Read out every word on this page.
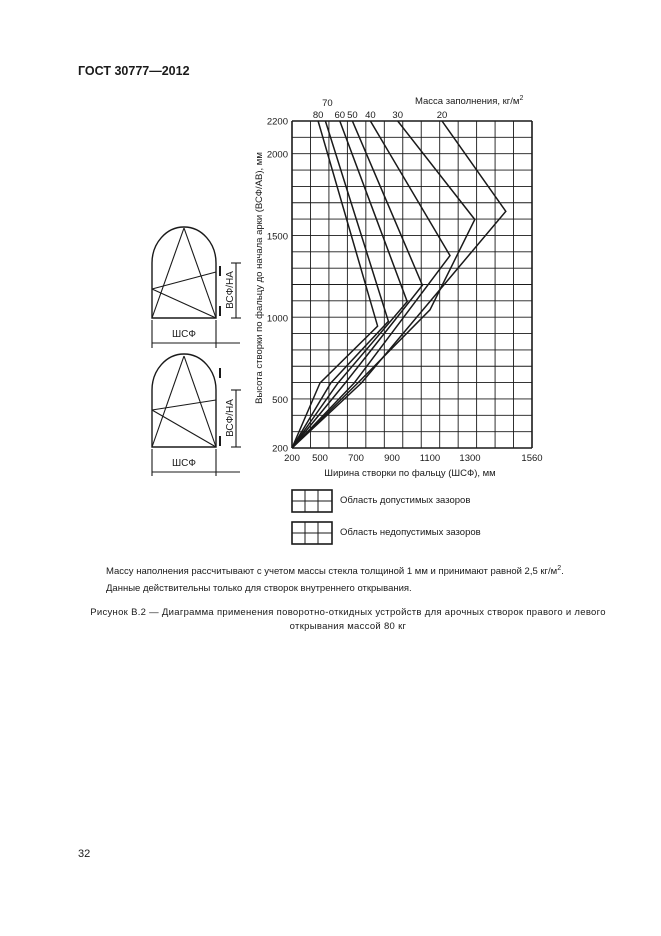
ГОСТ 30777—2012
ШСФ
ВСФ/НА
ШСФ
ВСФ/НА
200 500 700 900 1100 1300	1560
200
500
1000
1500
2000
2200
80
70
60 50 40 30	20
Масса заполнения, $кг/м^2$
Ширина створки по фальцу (ШСФ), мм
Высота створки по фальцу до начала арки (ВСФ/АВ), мм
Область допустимых зазоров
Область недопустимых зазоров
Массу наполнения рассчитывают с учетом массы стекла толщиной 1 мм и принимают равной 2,5 $кг/м^2$.
Данные действительны только для створок внутреннего открывания.
Рисунок В.2 — Диаграмма применения поворотно-откидных устройств для арочных створок правого и левого
открывания массой 80 кг
32
